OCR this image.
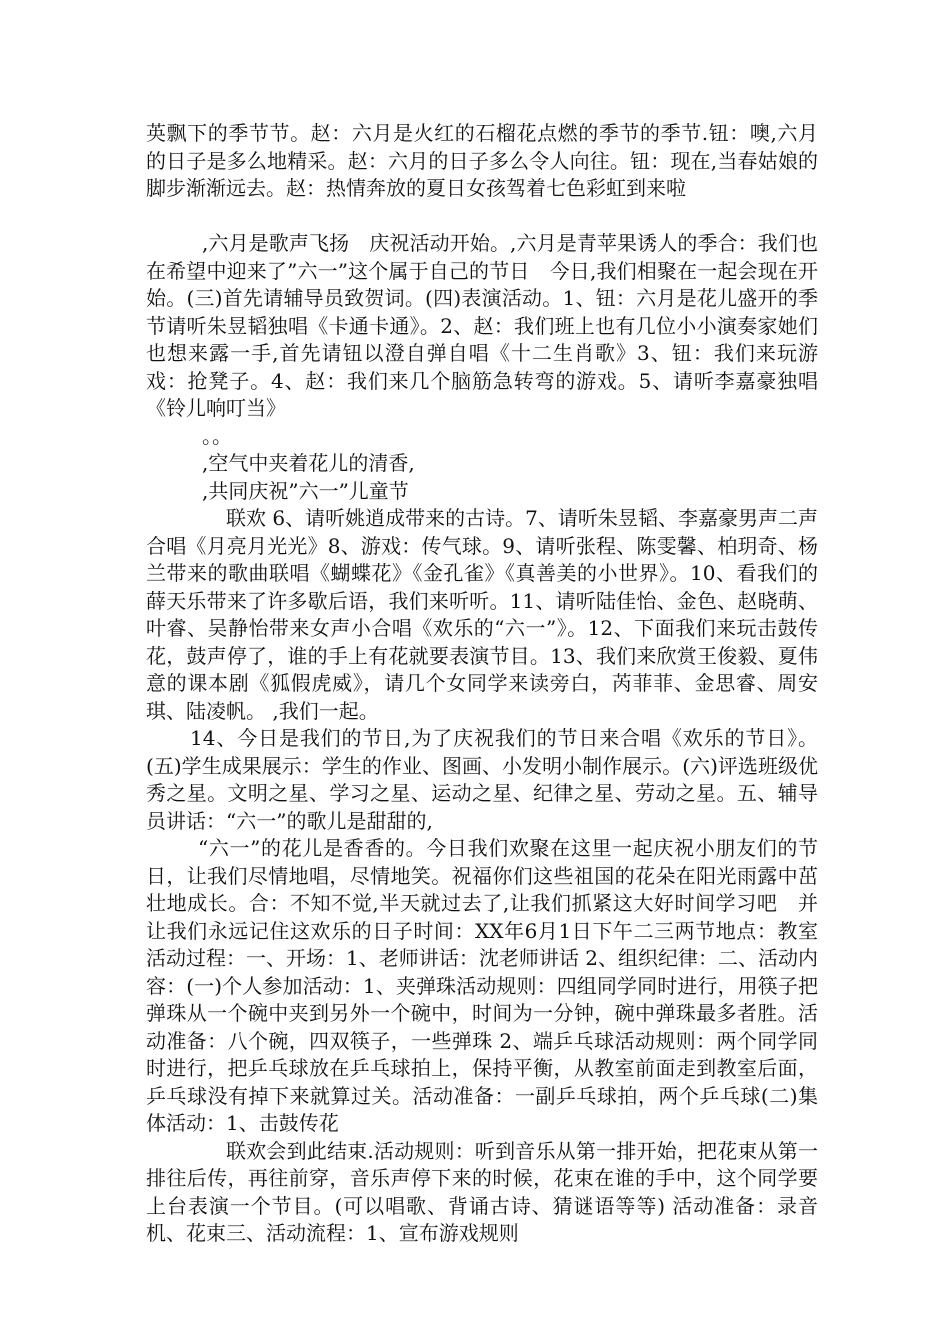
英飘下的季节节。赵：六月是火红的石榴花点燃的季节的季节.钮：噢,六月的日子是多么地精采。赵：六月的日子多么令人向往。钮：现在,当春姑娘的脚步渐渐远去。赵：热情奔放的夏日女孩驾着七色彩虹到来啦

,六月是歌声飞扬　庆祝活动开始。,六月是青苹果诱人的季合：我们也在希望中迎来了”六一”这个属于自己的节日　今日,我们相聚在一起会现在开始。(三)首先请辅导员致贺词。(四)表演活动。1、钮：六月是花儿盛开的季节请听朱昱韬独唱《卡通卡通》。2、赵：我们班上也有几位小小演奏家她们也想来露一手,首先请钮以澄自弹自唱《十二生肖歌》3、钮：我们来玩游戏：抢凳子。4、赵：我们来几个脑筋急转弯的游戏。5、请听李嘉豪独唱《铃儿响叮当》

。。

,空气中夹着花儿的清香,

,共同庆祝”六一”儿童节

联欢 6、请听姚逍成带来的古诗。7、请听朱昱韬、李嘉豪男声二声合唱《月亮月光光》8、游戏：传气球。9、请听张程、陈雯馨、柏玥奇、杨兰带来的歌曲联唱《蝴蝶花》《金孔雀》《真善美的小世界》。10、看我们的薛天乐带来了许多歇后语，我们来听听。11、请听陆佳怡、金色、赵晓萌、叶睿、吴静怡带来女声小合唱《欢乐的“六一”》。12、下面我们来玩击鼓传花，鼓声停了，谁的手上有花就要表演节目。13、我们来欣赏王俊毅、夏伟意的课本剧《狐假虎威》，请几个女同学来读旁白，芮菲菲、金思睿、周安琪、陆凌帆。 ,我们一起。

14、今日是我们的节日,为了庆祝我们的节日来合唱《欢乐的节日》。(五)学生成果展示：学生的作业、图画、小发明小制作展示。(六)评选班级优秀之星。文明之星、学习之星、运动之星、纪律之星、劳动之星。五、辅导员讲话：“六一”的歌儿是甜甜的,

“六一”的花儿是香香的。今日我们欢聚在这里一起庆祝小朋友们的节日，让我们尽情地唱，尽情地笑。祝福你们这些祖国的花朵在阳光雨露中茁壮地成长。合：不知不觉,半天就过去了,让我们抓紧这大好时间学习吧　并让我们永远记住这欢乐的日子时间：XX年6月1日下午二三两节地点：教室活动过程：一、开场：1、老师讲话：沈老师讲话 2、组织纪律：二、活动内容：(一)个人参加活动：1、夹弹珠活动规则：四组同学同时进行，用筷子把弹珠从一个碗中夹到另外一个碗中，时间为一分钟，碗中弹珠最多者胜。活动准备：八个碗，四双筷子，一些弹珠 2、端乒乓球活动规则：两个同学同时进行，把乒乓球放在乒乓球拍上，保持平衡，从教室前面走到教室后面，乒乓球没有掉下来就算过关。活动准备：一副乒乓球拍，两个乒乓球(二)集体活动：1、击鼓传花

联欢会到此结束.活动规则：听到音乐从第一排开始，把花束从第一排往后传，再往前穿，音乐声停下来的时候，花束在谁的手中，这个同学要上台表演一个节目。(可以唱歌、背诵古诗、猜谜语等等) 活动准备：录音机、花束三、活动流程：1、宣布游戏规则
